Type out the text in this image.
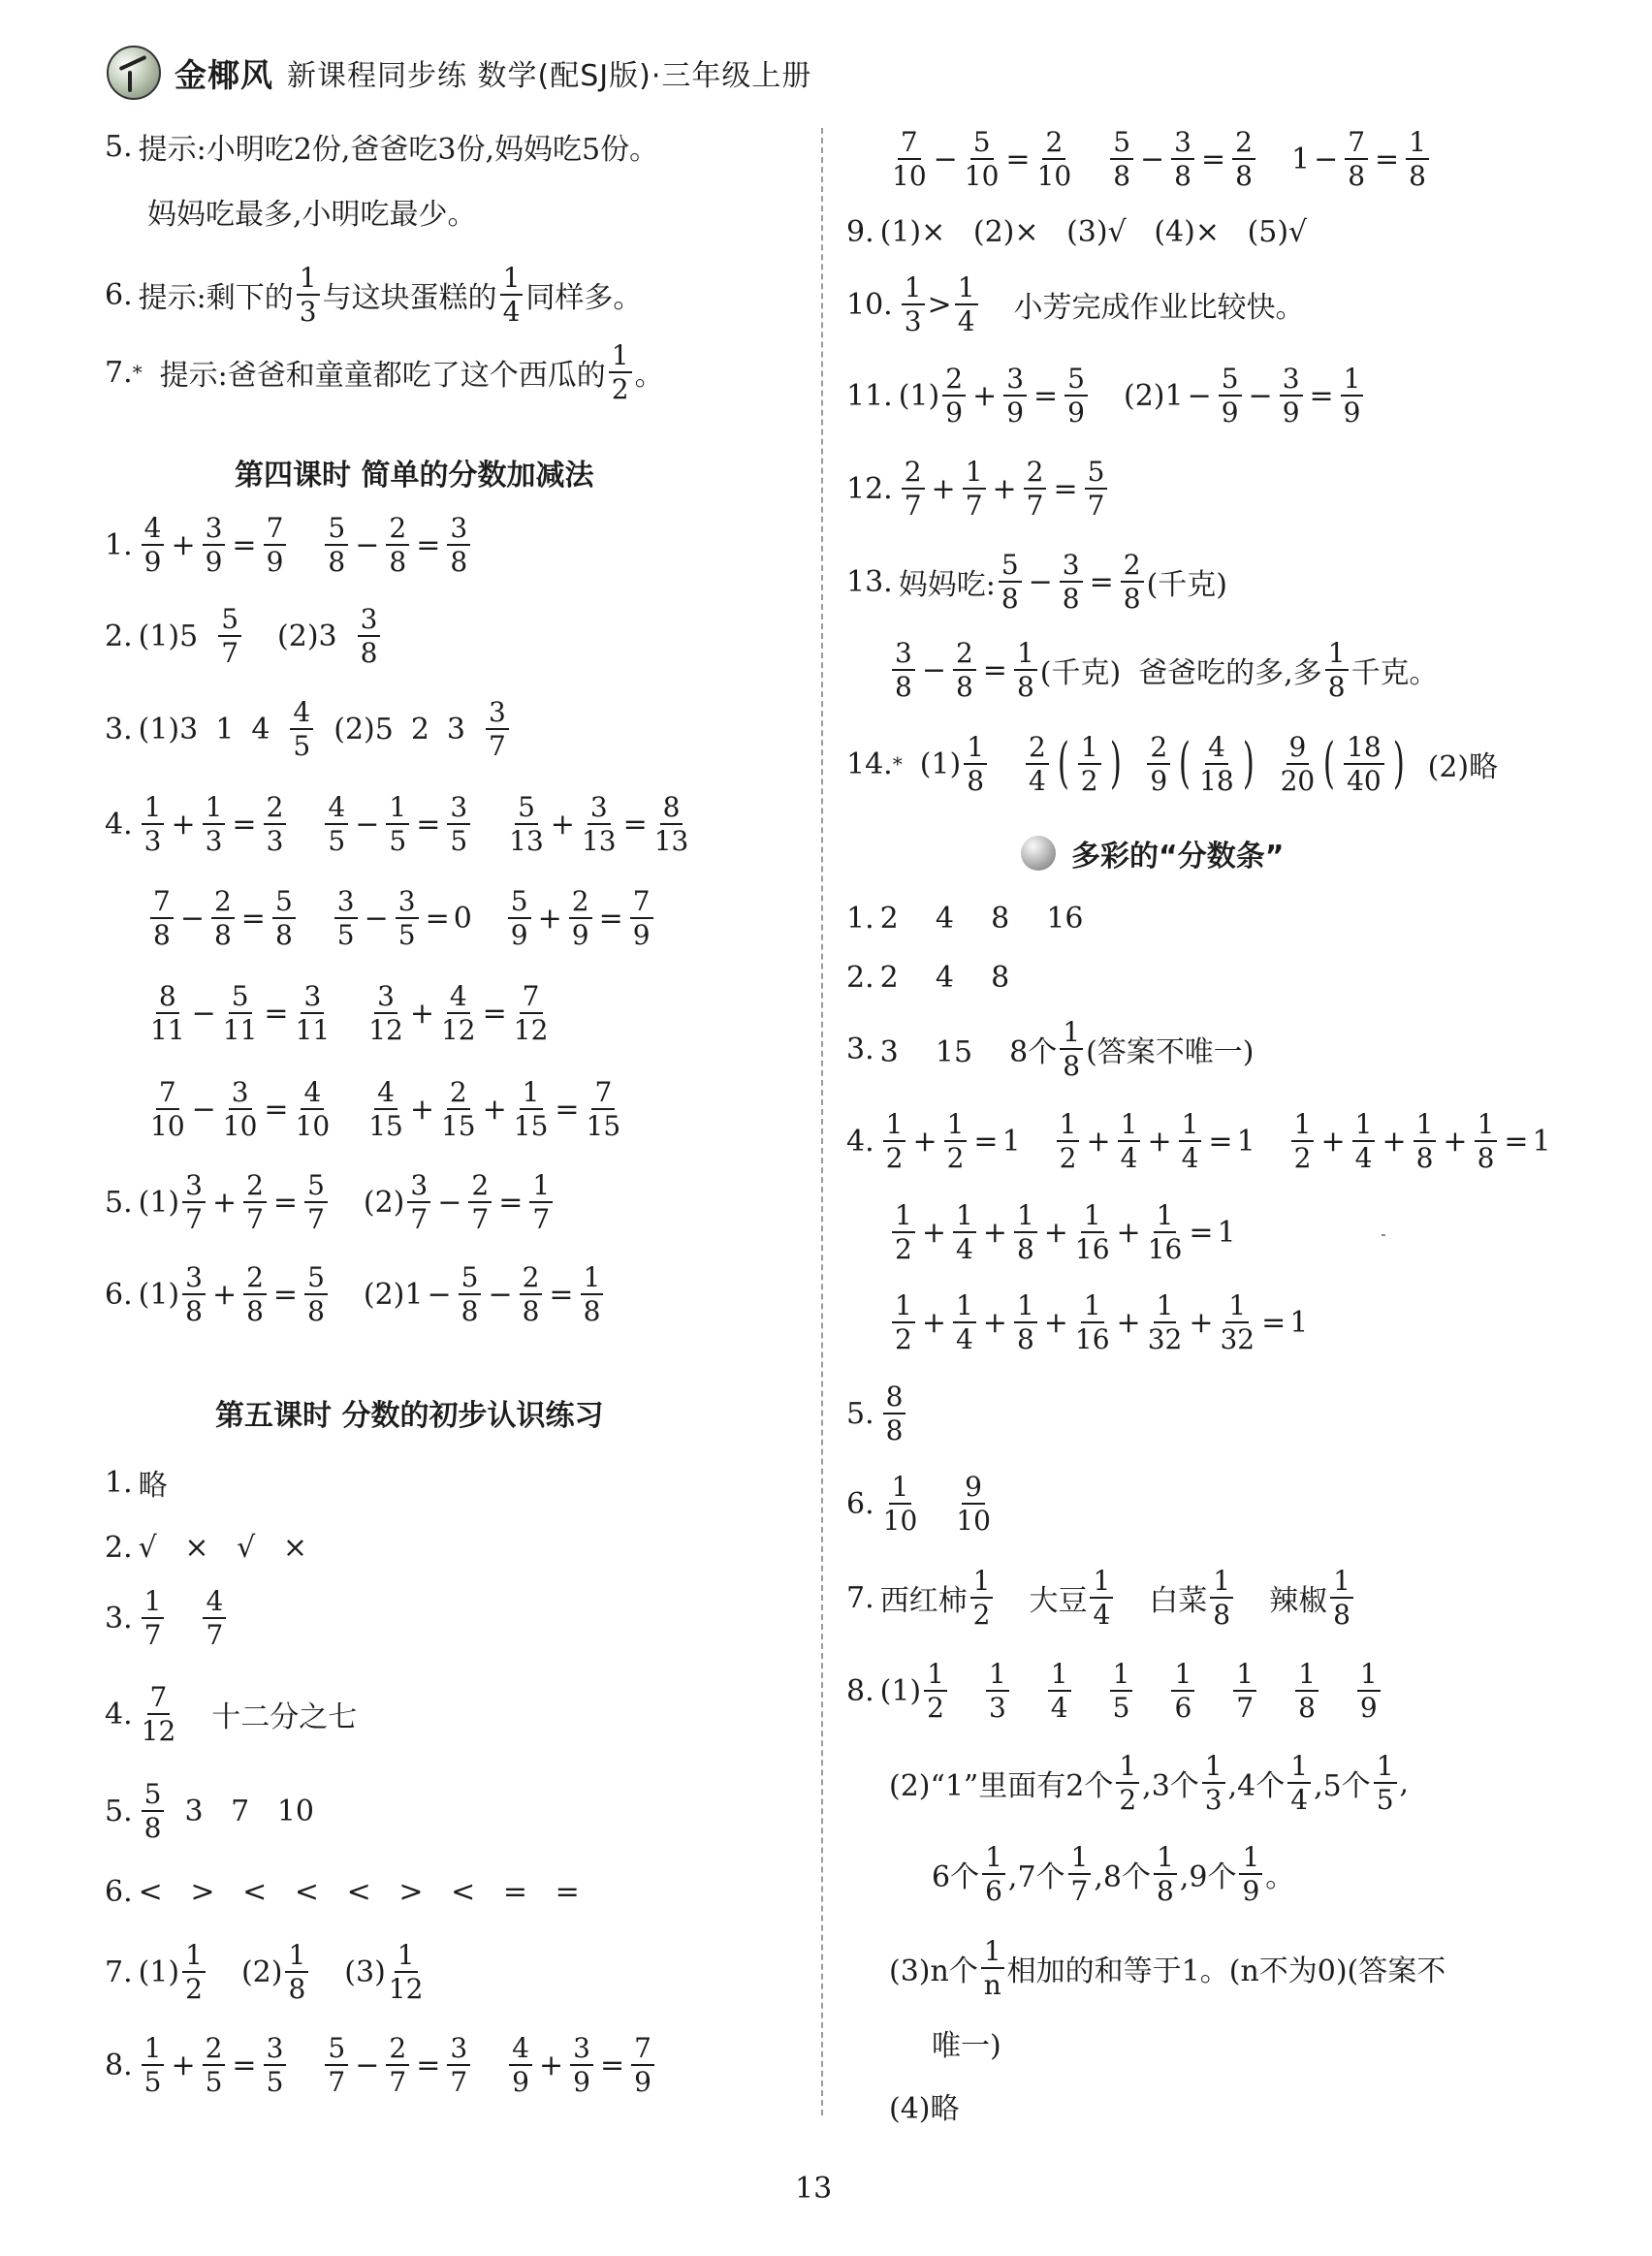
金椰风 新课程同步练 数学(配SJ版)·三年级上册
5. 提示:小明吃2份,爸爸吃3份,妈妈吃5份。
妈妈吃最多,小明吃最少。
6. 提示:剩下的 $\frac{1}{3}$ 与这块蛋糕的 $\frac{1}{4}$ 同样多。
7. * 提示:爸爸和童童都吃了这个西瓜的 $\frac{1}{2}$ 。
第四课时 简单的分数加减法
1. $\frac{4}{9} + \frac{3}{9} = \frac{7}{9} \frac{5}{8} - \frac{2}{8} = \frac{3}{8}$
2. $(1)5 \frac{5}{7} (2)3 \frac{3}{8}$
3. (1)3 1 $4 \frac{4}{5} (2)5$ 2 $3 \frac{3}{7}$
4. $\frac{1}{3} + \frac{1}{3} = \frac{2}{3} \frac{4}{5} - \frac{1}{5} = \frac{3}{5} \frac{5}{13} + \frac{3}{13} = \frac{8}{13}$
$\frac{7}{8} - \frac{2}{8} = \frac{5}{8} \frac{3}{5} - \frac{3}{5} = 0 \frac{5}{9} + \frac{2}{9} = \frac{7}{9}$
$\frac{8}{11} - \frac{5}{11} = \frac{3}{11} \frac{3}{12} + \frac{4}{12} = \frac{7}{12}$
$\frac{7}{10} - \frac{3}{10} = \frac{4}{10} \frac{4}{15} + \frac{2}{15} + \frac{1}{15} = \frac{7}{15}$
5. $(1) \frac{3}{7} + \frac{2}{7} = \frac{5}{7} (2) \frac{3}{7} - \frac{2}{7} = \frac{1}{7}$
6. $(1) \frac{3}{8} + \frac{2}{8} = \frac{5}{8} (2)1 - \frac{5}{8} - \frac{2}{8} = \frac{1}{8}$
第五课时 分数的初步认识练习
1. 略
2. √   ×   √   ×
3. $\frac{1}{7} \frac{4}{7}$
4. $\frac{7}{12}$ 十二分之七
5. $\frac{5}{8} 3$   7   10
6. <   >   <   <   <   >   <   =   =
7. $(1) \frac{1}{2} (2) \frac{1}{8} (3) \frac{1}{12}$
8. $\frac{1}{5} + \frac{2}{5} = \frac{3}{5} \frac{5}{7} - \frac{2}{7} = \frac{3}{7} \frac{4}{9} + \frac{3}{9} = \frac{7}{9}$
$\frac{7}{10} - \frac{5}{10} = \frac{2}{10} \frac{5}{8} - \frac{3}{8} = \frac{2}{8} 1 - \frac{7}{8} = \frac{1}{8}$
9. (1)×   (2)×   (3)√   (4)×   (5)√
10. $\frac{1}{3} > \frac{1}{4}$ 小芳完成作业比较快。
11. $(1) \frac{2}{9} + \frac{3}{9} = \frac{5}{9} (2)1 - \frac{5}{9} - \frac{3}{9} = \frac{1}{9}$
12. $\frac{2}{7} + \frac{1}{7} + \frac{2}{7} = \frac{5}{7}$
13. 妈妈吃: $\frac{5}{8} - \frac{3}{8} = \frac{2}{8}$ (千克)
$\frac{3}{8} - \frac{2}{8} = \frac{1}{8}$ (千克) 爸爸吃的多,多 $\frac{1}{8}$ 千克。
14. * $(1) \frac{1}{8} \frac{2}{4}$ ( $\frac{1}{2}$ ) $\frac{2}{9}$ ( $\frac{4}{18}$ ) $\frac{9}{20}$ ( $\frac{18}{40}$ ) (2)略
多彩的“分数条”
1. 2    4    8    16
2. 2    4    8
3. 3    15    8个 $\frac{1}{8}$ (答案不唯一)
4. $\frac{1}{2} + \frac{1}{2} = 1 \frac{1}{2} + \frac{1}{4} + \frac{1}{4} = 1 \frac{1}{2} + \frac{1}{4} + \frac{1}{8} + \frac{1}{8} = 1$
$\frac{1}{2} + \frac{1}{4} + \frac{1}{8} + \frac{1}{16} + \frac{1}{16} = 1$
$\frac{1}{2} + \frac{1}{4} + \frac{1}{8} + \frac{1}{16} + \frac{1}{32} + \frac{1}{32} = 1$
5. $\frac{8}{8}$
6. $\frac{1}{10} \frac{9}{10}$
7. 西红柿 $\frac{1}{2}$ 大豆 $\frac{1}{4}$ 白菜 $\frac{1}{8}$ 辣椒 $\frac{1}{8}$
8. $(1) \frac{1}{2} \frac{1}{3} \frac{1}{4} \frac{1}{5} \frac{1}{6} \frac{1}{7} \frac{1}{8} \frac{1}{9}$
(2)“1”里面有2个 $\frac{1}{2} ,3$个 $\frac{1}{3} ,4$个 $\frac{1}{4} ,5$个 $\frac{1}{5}$ ,
6个 $\frac{1}{6} ,7$个 $\frac{1}{7} ,8$个 $\frac{1}{8} ,9$个 $\frac{1}{9}$ 。
(3)n个 $\frac{1}{n}$ 相加的和等于1。(n不为0)(答案不
唯一)
(4)略
13
